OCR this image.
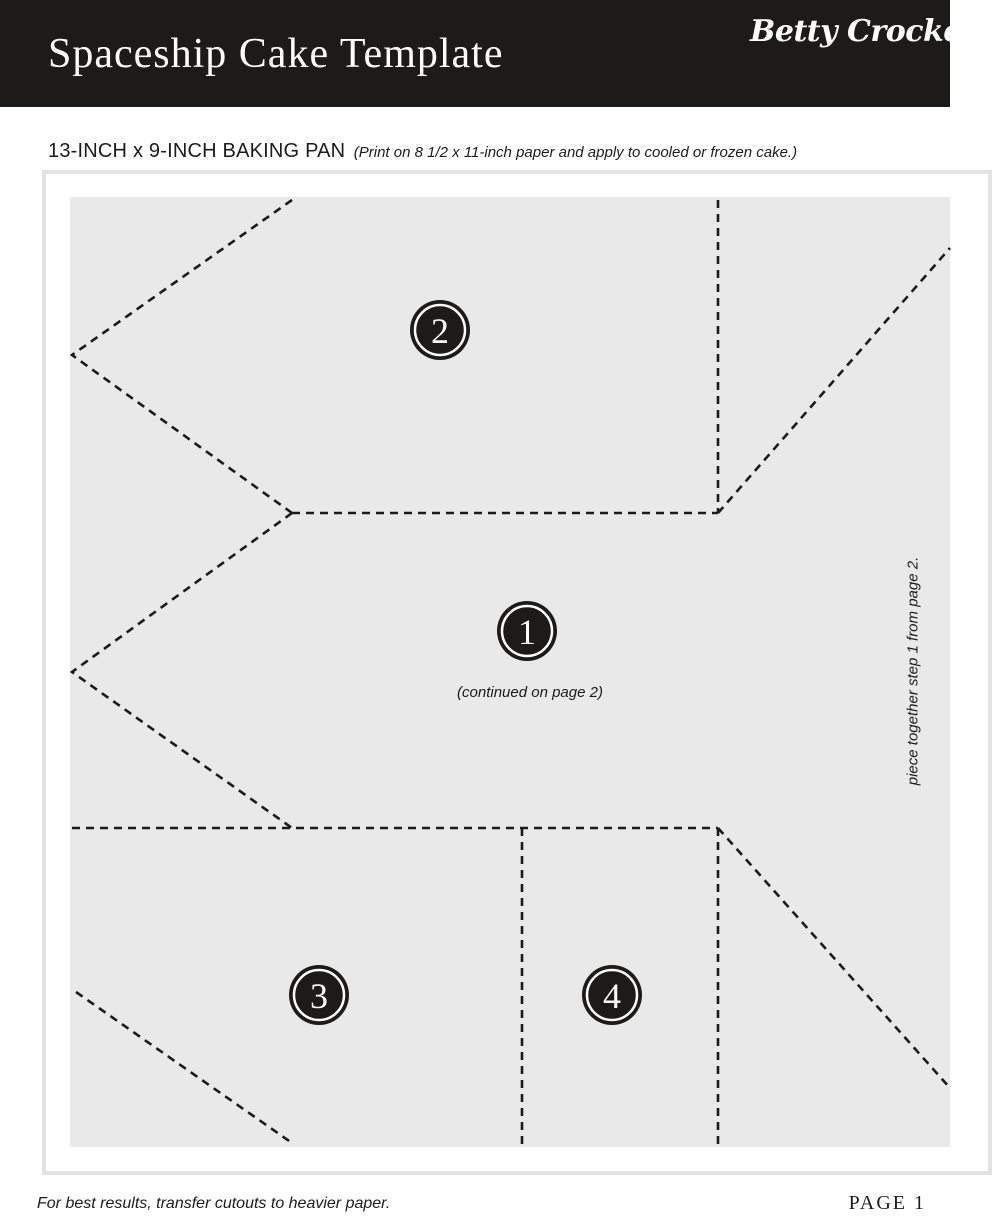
Spaceship Cake Template	Betty Crocker
13-INCH x 9-INCH BAKING PAN (Print on 8 1/2 x 11-inch paper and apply to cooled or frozen cake.)
2
1
3	4
(continued on page 2)	piece together step 1 from page 2.
For best results, transfer cutouts to heavier paper.	PAGE 1
